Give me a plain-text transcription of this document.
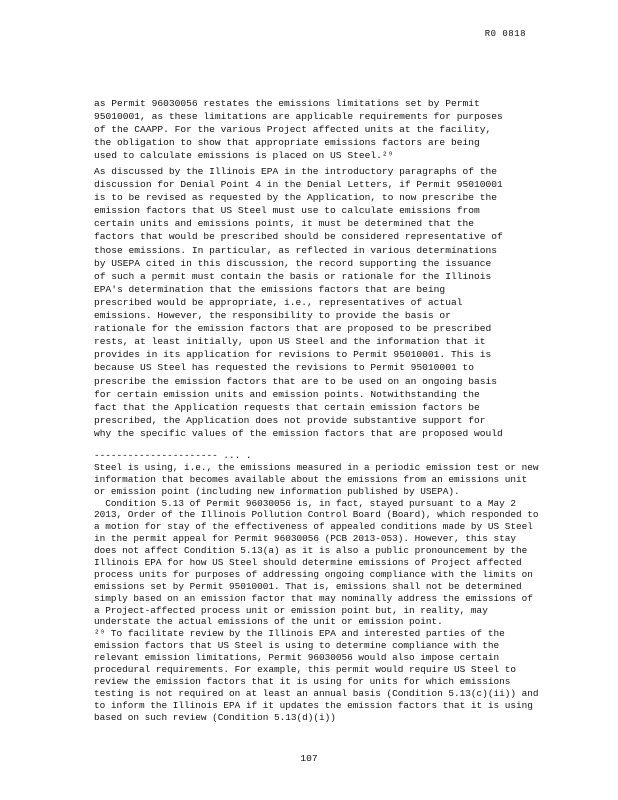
R0 0818
as Permit 96030056 restates the emissions limitations set by Permit
95010001, as these limitations are applicable requirements for purposes
of the CAAPP. For the various Project affected units at the facility,
the obligation to show that appropriate emissions factors are being
used to calculate emissions is placed on US Steel.²⁹
As discussed by the Illinois EPA in the introductory paragraphs of the
discussion for Denial Point 4 in the Denial Letters, if Permit 95010001
is to be revised as requested by the Application, to now prescribe the
emission factors that US Steel must use to calculate emissions from
certain units and emissions points, it must be determined that the
factors that would be prescribed should be considered representative of
those emissions. In particular, as reflected in various determinations
by USEPA cited in this discussion, the record supporting the issuance
of such a permit must contain the basis or rationale for the Illinois
EPA's determination that the emissions factors that are being
prescribed would be appropriate, i.e., representatives of actual
emissions. However, the responsibility to provide the basis or
rationale for the emission factors that are proposed to be prescribed
rests, at least initially, upon US Steel and the information that it
provides in its application for revisions to Permit 95010001. This is
because US Steel has requested the revisions to Permit 95010001 to
prescribe the emission factors that are to be used on an ongoing basis
for certain emission units and emission points. Notwithstanding the
fact that the Application requests that certain emission factors be
prescribed, the Application does not provide substantive support for
why the specific values of the emission factors that are proposed would
---------------------- ... .
Steel is using, i.e., the emissions measured in a periodic emission test or new
information that becomes available about the emissions from an emissions unit
or emission point (including new information published by USEPA).
Condition 5.13 of Permit 96030056 is, in fact, stayed pursuant to a May 2
2013, Order of the Illinois Pollution Control Board (Board), which responded to
a motion for stay of the effectiveness of appealed conditions made by US Steel
in the permit appeal for Permit 96030056 (PCB 2013-053). However, this stay
does not affect Condition 5.13(a) as it is also a public pronouncement by the
Illinois EPA for how US Steel should determine emissions of Project affected
process units for purposes of addressing ongoing compliance with the limits on
emissions set by Permit 95010001. That is, emissions shall not be determined
simply based on an emission factor that may nominally address the emissions of
a Project-affected process unit or emission point but, in reality, may
understate the actual emissions of the unit or emission point.
²⁹ To facilitate review by the Illinois EPA and interested parties of the
emission factors that US Steel is using to determine compliance with the
relevant emission limitations, Permit 96030056 would also impose certain
procedural requirements. For example, this permit would require US Steel to
review the emission factors that it is using for units for which emissions
testing is not required on at least an annual basis (Condition 5.13(c)(ii)) and
to inform the Illinois EPA if it updates the emission factors that it is using
based on such review (Condition 5.13(d)(i))
107
